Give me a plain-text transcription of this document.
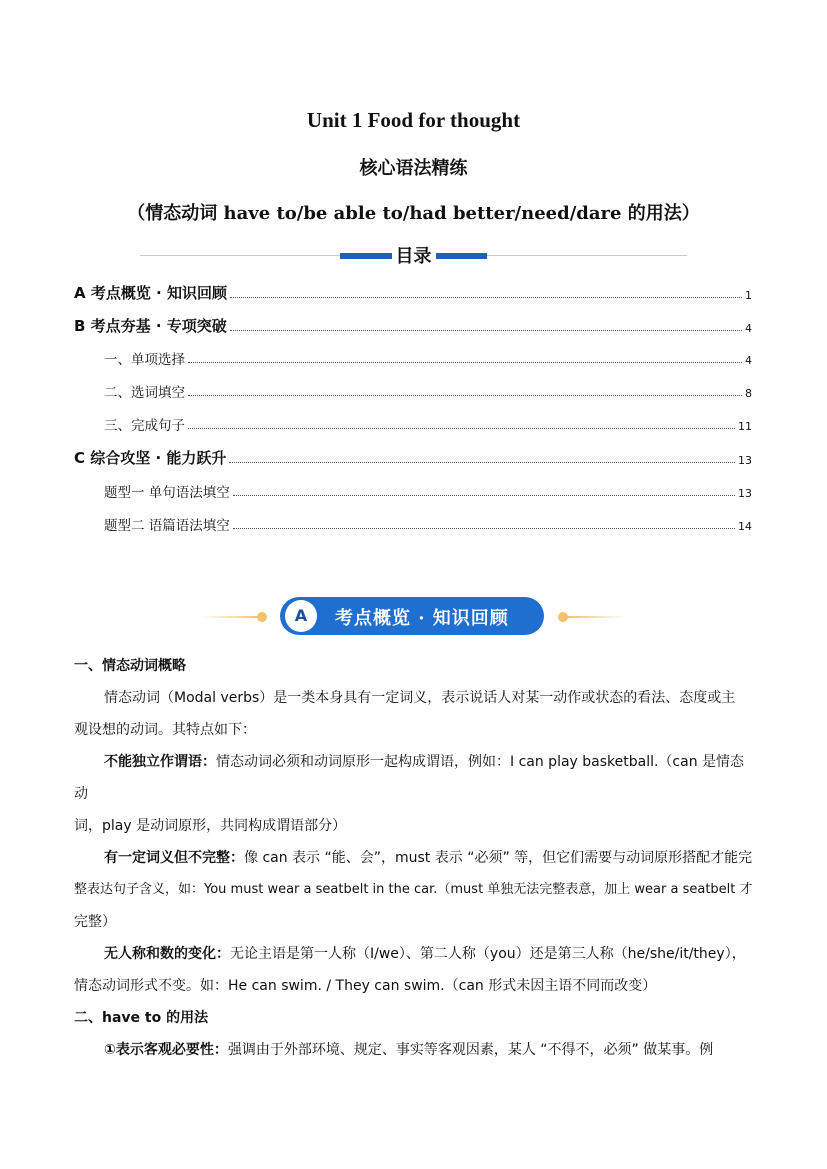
Unit 1 Food for thought
核心语法精练
（情态动词 have to/be able to/had better/need/dare 的用法）
目录
A 考点概览 · 知识回顾	1
B 考点夯基 · 专项突破	4
一、单项选择	4
二、选词填空	8
三、完成句子	11
C 综合攻坚 · 能力跃升	13
题型一 单句语法填空	13
题型二 语篇语法填空	14
A	考点概览 · 知识回顾
一、情态动词概略

情态动词（Modal verbs）是一类本身具有一定词义，表示说话人对某一动作或状态的看法、态度或主

观设想的动词。其特点如下：

不能独立作谓语：情态动词必须和动词原形一起构成谓语，例如：I can play basketball.（can 是情态动

词，play 是动词原形，共同构成谓语部分）

有一定词义但不完整：像 can 表示 “能、会”，must 表示 “必须” 等，但它们需要与动词原形搭配才能完

整表达句子含义，如：You must wear a seatbelt in the car.（must 单独无法完整表意，加上 wear a seatbelt 才

完整）

无人称和数的变化：无论主语是第一人称（I/we）、第二人称（you）还是第三人称（he/she/it/they），

情态动词形式不变。如：He can swim. / They can swim.（can 形式未因主语不同而改变）

二、have to 的用法

①表示客观必要性：强调由于外部环境、规定、事实等客观因素，某人 “不得不，必须” 做某事。例
